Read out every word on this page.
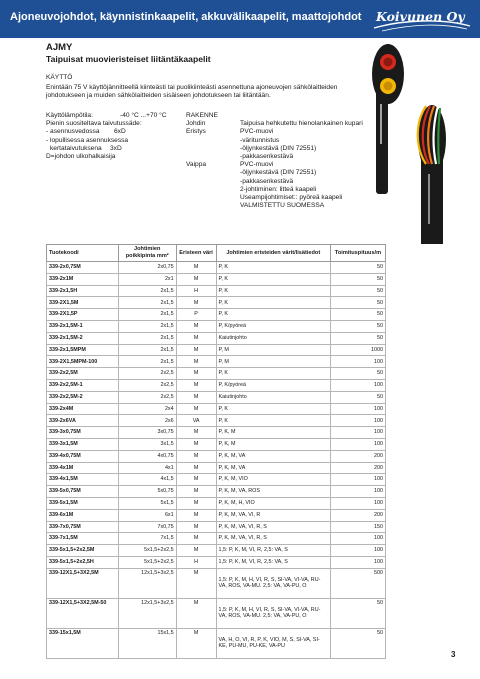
Ajoneuvojohdot, käynnistinkaapelit, akkuvälikaapelit, maattojohdot Koivunen Oy
AJMY
Taipuisat muovieristeiset liitäntäkaapelit
KÄYTTÖ
Enintään 75 V käyttöjännitteellä kiinteästi tai puolikiinteästi asennettuna ajoneuvojen sähkölaitteiden johdotukseen ja muiden sähkölaitteiden sisäiseen johdotukseen tai liitäntään.
Käyttölämpötila:	-40 °C ...+70 °C
Pienin suositeltava taivutussäde:
- asennusvedossa 6xD
- lopullisessa asennuksessa
kertataivutuksena 3xD
D=johdon ulkohalkaisija
RAKENNE
Johdin	Taipuisa hehkutettu hienolankainen kupari
Eristys	PVC-muovi
-väritunnistus
-öljynkestävä (DIN 72551)
-pakkasenkestävä
Vaippa	PVC-muovi
-öljynkestävä (DIN 72551)
-pakkasenkestävä
2-johtiminen: litteä kaapeli
Useampijohtimiset:: pyöreä kaapeli
VALMISTETTU SUOMESSA
Tuotekoodi	Johtimien poikkipinta mm²	Eristeen väri	Johtimien eristeiden värit/lisätiedot	Toimituspituus/m
339-2x0,75M	2x0,75	M	P, K	50
339-2x1M	2x1	M	P, K	50
339-2x1,5H	2x1,5	H	P, K	50
339-2X1,5M	2x1,5	M	P, K	50
339-2X1,5P	2x1,5	P	P, K	50
339-2x1,5M-1	2x1,5	M	P, K/pyöreä	50
339-2x1,5M-2	2x1,5	M	Kaiutinjohto	50
339-2x1,5MPM	2x1,5	M	P, M	1000
339-2X1,5MPM-100	2x1,5	M	P, M	100
339-2x2,5M	2x2,5	M	P, K	50
339-2x2,5M-1	2x2,5	M	P, K/pyöreä	100
339-2x2,5M-2	2x2,5	M	Kaiutinjohto	50
339-2x4M	2x4	M	P, K	100
339-2x6VA	2x6	VA	P, K	100
339-3x0,75M	3x0,75	M	P, K, M	100
339-3x1,5M	3x1,5	M	P, K, M	100
339-4x0,75M	4x0,75	M	P, K, M, VA	200
339-4x1M	4x1	M	P, K, M, VA	200
339-4x1,5M	4x1,5	M	P, K, M, VIO	100
339-5x0,75M	5x0,75	M	P, K, M, VA, ROS	100
339-5x1,5M	5x1,5	M	P, K, M, H, VIO	100
339-6x1M	6x1	M	P, K, M, VA, VI, R	200
339-7x0,75M	7x0,75	M	P, K, M, VA, VI, R, S	150
339-7x1,5M	7x1,5	M	P, K, M, VA, VI, R, S	100
339-5x1,5+2x2,5M	5x1,5+2x2,5	M	1,5: P, K, M, VI, R, 2,5: VA, S	100
339-5x1,5+2x2,5H	5x1,5+2x2,5	H	1,5: P, K, M, VI, R, 2,5: VA, S	100
339-12X1,5+3X2,5M	12x1,5+3x2,5	M	1,5: P, K, M, H, VI, R, S, SI-VA, VI-VA, RU-VA, ROS, VA-MU. 2,5: VA, VA-PU, O	500
339-12X1,5+3X2,5M-50	12x1,5+3x2,5	M	1,5: P, K, M, H, VI, R, S, SI-VA, VI-VA, RU-VA, ROS, VA-MU. 2,5: VA, VA-PU, O	50
339-15x1,5M	15x1,5	M	VA, H, O, VI, R, P, K, VIO, M, S, SI-VA, SI-KE, PU-MU, PU-KE, VA-PU	50
3
